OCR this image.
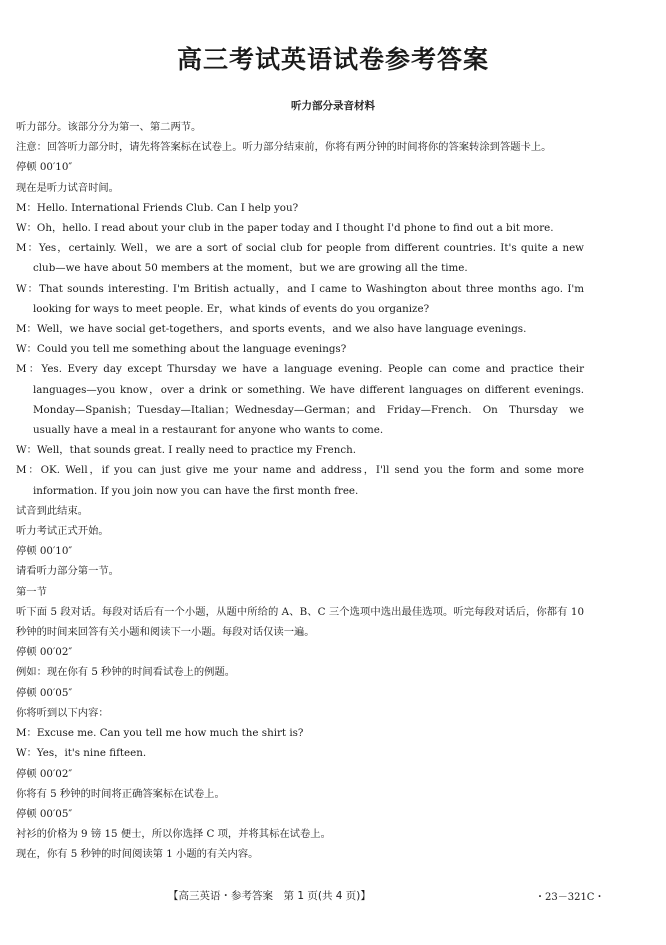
高三考试英语试卷参考答案
听力部分录音材料

听力部分。该部分分为第一、第二两节。

注意：回答听力部分时，请先将答案标在试卷上。听力部分结束前，你将有两分钟的时间将你的答案转涂到答题卡上。

停顿 00′10″

现在是听力试音时间。

M：Hello. International Friends Club. Can I help you?

W：Oh，hello. I read about your club in the paper today and I thought I'd phone to find out a bit more.

M：Yes，certainly. Well，we are a sort of social club for people from different countries. It's quite a new club—we have about 50 members at the moment，but we are growing all the time.

W：That sounds interesting. I'm British actually，and I came to Washington about three months ago. I'm looking for ways to meet people. Er，what kinds of events do you organize?

M：Well，we have social get-togethers，and sports events，and we also have language evenings.

W：Could you tell me something about the language evenings?

M：Yes. Every day except Thursday we have a language evening. People can come and practice their languages—you know，over a drink or something. We have different languages on different evenings. Monday—Spanish；Tuesday—Italian；Wednesday—German；and Friday—French. On Thursday we usually have a meal in a restaurant for anyone who wants to come.

W：Well，that sounds great. I really need to practice my French.

M：OK. Well，if you can just give me your name and address，I'll send you the form and some more information. If you join now you can have the first month free.

试音到此结束。

听力考试正式开始。

停顿 00′10″

请看听力部分第一节。

第一节

听下面 5 段对话。每段对话后有一个小题，从题中所给的 A、B、C 三个选项中选出最佳选项。听完每段对话后，你都有 10 秒钟的时间来回答有关小题和阅读下一小题。每段对话仅读一遍。

停顿 00′02″

例如：现在你有 5 秒钟的时间看试卷上的例题。

停顿 00′05″

你将听到以下内容：

M：Excuse me. Can you tell me how much the shirt is?

W：Yes，it's nine fifteen.

停顿 00′02″

你将有 5 秒钟的时间将正确答案标在试卷上。

停顿 00′05″

衬衫的价格为 9 镑 15 便士，所以你选择 C 项，并将其标在试卷上。

现在，你有 5 秒钟的时间阅读第 1 小题的有关内容。

【高三英语・参考答案　第 1 页(共 4 页)】	・23－321C・
